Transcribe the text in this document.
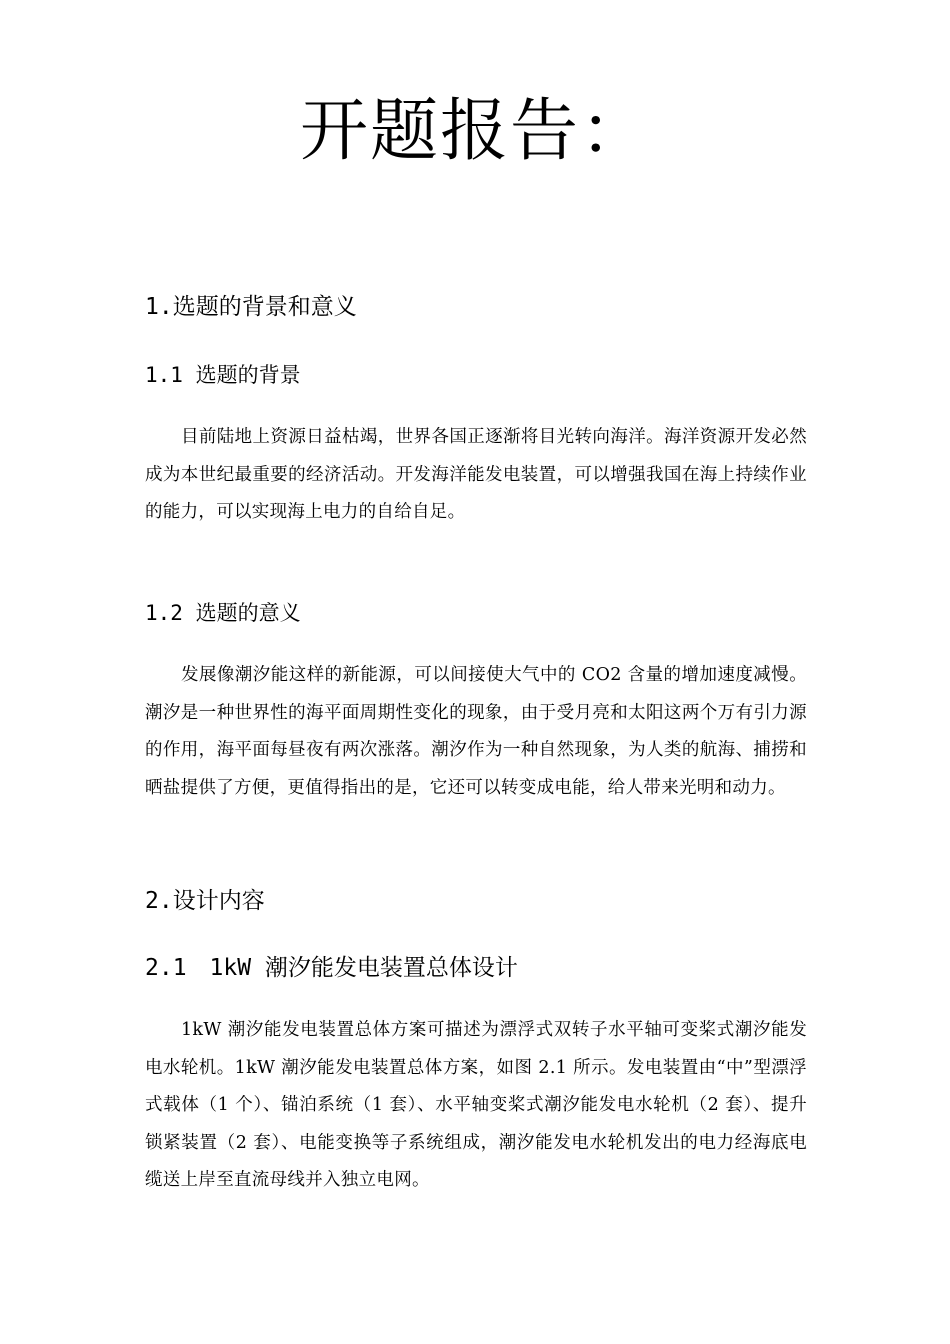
开题报告：
1.选题的背景和意义
1.1 选题的背景

目前陆地上资源日益枯竭，世界各国正逐渐将目光转向海洋。海洋资源开发必然成为本世纪最重要的经济活动。开发海洋能发电装置，可以增强我国在海上持续作业的能力，可以实现海上电力的自给自足。

1.2 选题的意义

发展像潮汐能这样的新能源，可以间接使大气中的 CO2 含量的增加速度减慢。潮汐是一种世界性的海平面周期性变化的现象，由于受月亮和太阳这两个万有引力源的作用，海平面每昼夜有两次涨落。潮汐作为一种自然现象，为人类的航海、捕捞和晒盐提供了方便，更值得指出的是，它还可以转变成电能，给人带来光明和动力。

2.设计内容
2.1　1kW 潮汐能发电装置总体设计

1kW 潮汐能发电装置总体方案可描述为漂浮式双转子水平轴可变桨式潮汐能发电水轮机。1kW 潮汐能发电装置总体方案，如图 2.1 所示。发电装置由“中”型漂浮式载体（1 个）、锚泊系统（1 套）、水平轴变桨式潮汐能发电水轮机（2 套）、提升锁紧装置（2 套）、电能变换等子系统组成，潮汐能发电水轮机发出的电力经海底电缆送上岸至直流母线并入独立电网。
